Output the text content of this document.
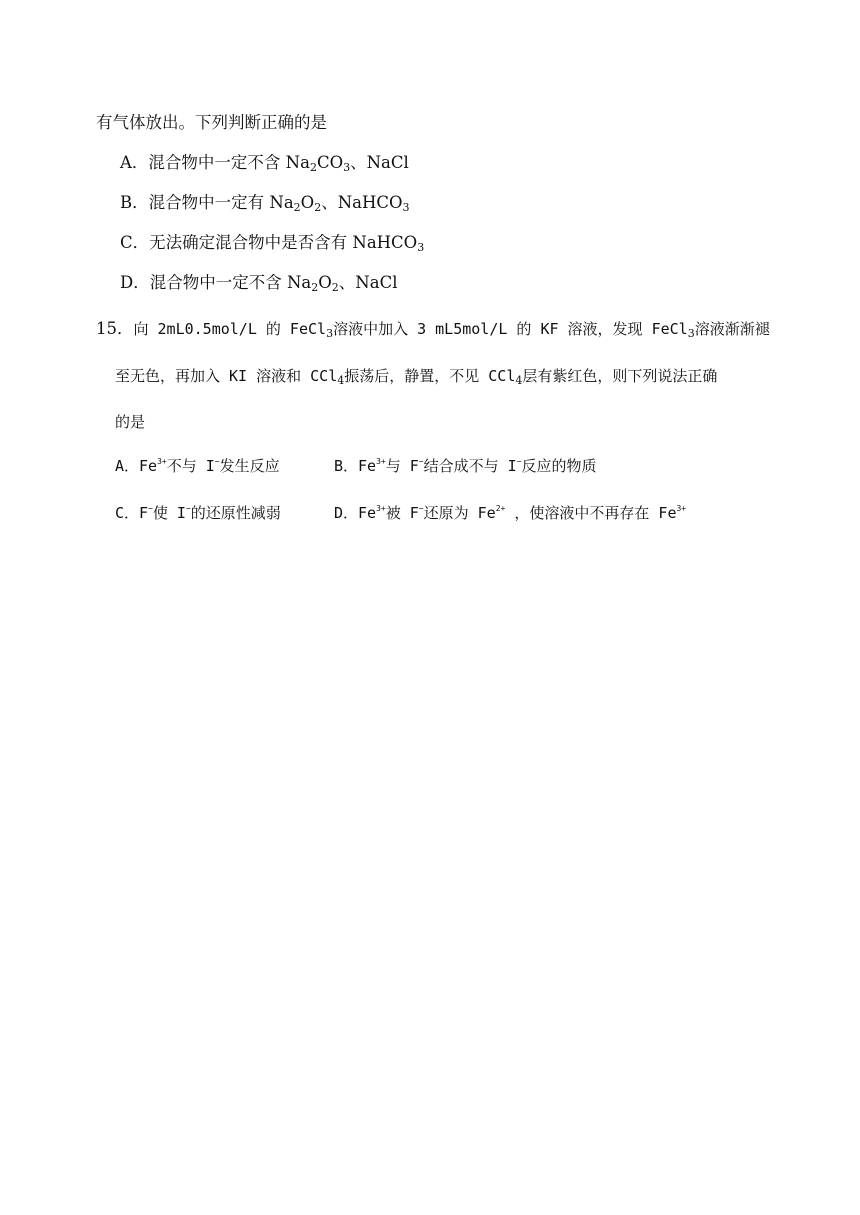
有气体放出。下列判断正确的是
A．混合物中一定不含 $Na_2CO_3$、NaCl
B．混合物中一定有 $Na_2O_2$、NaHCO$_3$
C．无法确定混合物中是否含有 NaHCO$_3$
D．混合物中一定不含 $Na_2O_2$、NaCl
15．向 2mL0.5mol/L 的 FeCl$_3$溶液中加入 3 mL5mol/L 的 KF 溶液，发现 FeCl$_3$溶液渐渐褪
至无色，再加入 KI 溶液和 CCl$_4$振荡后，静置，不见 CCl$_4$层有紫红色，则下列说法正确
的是
A．$Fe^{3+}$不与 I−发生反应	B．$Fe^{3+}$与 F−结合成不与 I−反应的物质
C．F−使 I−的还原性减弱	D．$Fe^{3+}$被 F−还原为 $Fe^{2+}$ ，使溶液中不再存在 $Fe^{3+}$
